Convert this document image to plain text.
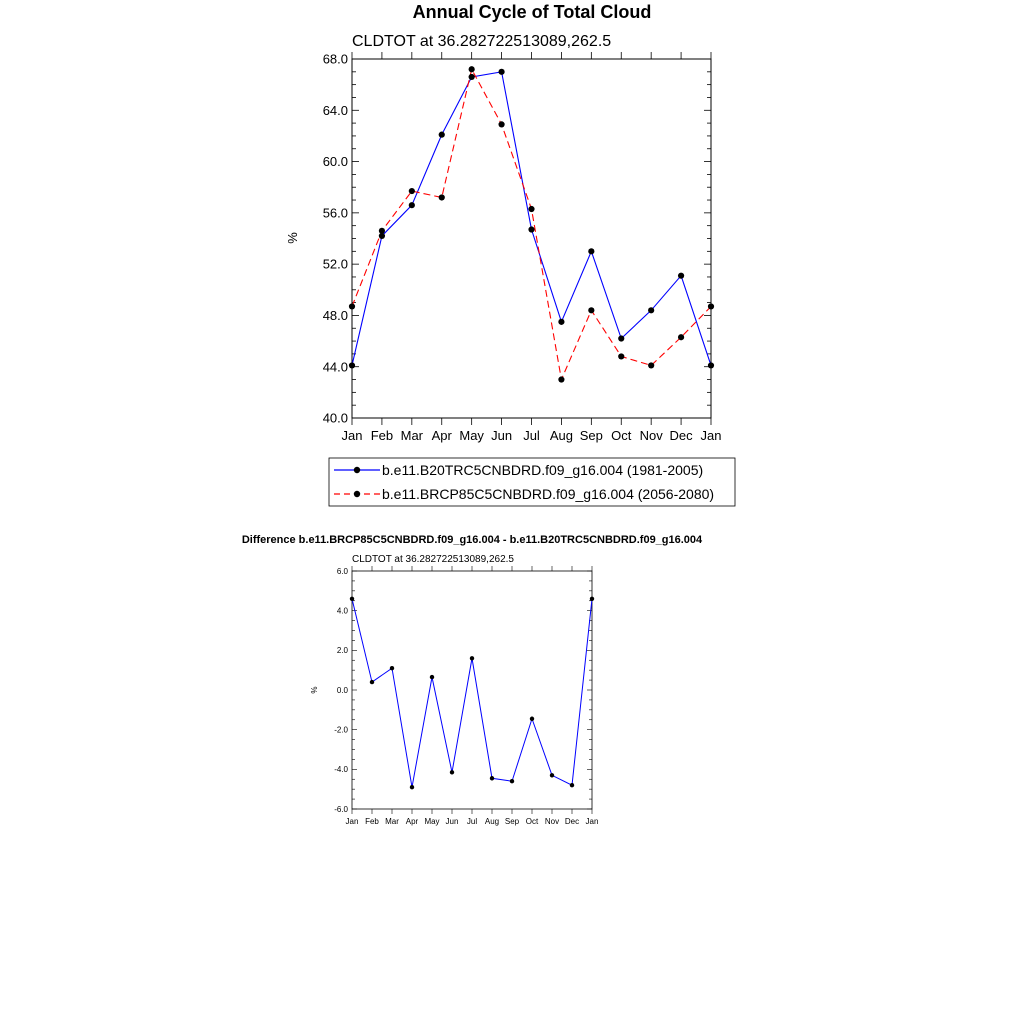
Annual Cycle of Total Cloud
CLDTOT at 36.282722513089,262.5
%
40.0
44.0
48.0
52.0
56.0
60.0
64.0
68.0
Jan Feb Mar Apr May Jun Jul Aug Sep Oct Nov Dec Jan
b.e11.B20TRC5CNBDRD.f09_g16.004 (1981-2005)
b.e11.BRCP85C5CNBDRD.f09_g16.004 (2056-2080)
Difference b.e11.BRCP85C5CNBDRD.f09_g16.004 - b.e11.B20TRC5CNBDRD.f09_g16.004
CLDTOT at 36.282722513089,262.5
%
-6.0
-4.0
-2.0
0.0
2.0
4.0
6.0
Jan Feb Mar Apr May Jun Jul Aug Sep Oct Nov Dec Jan
